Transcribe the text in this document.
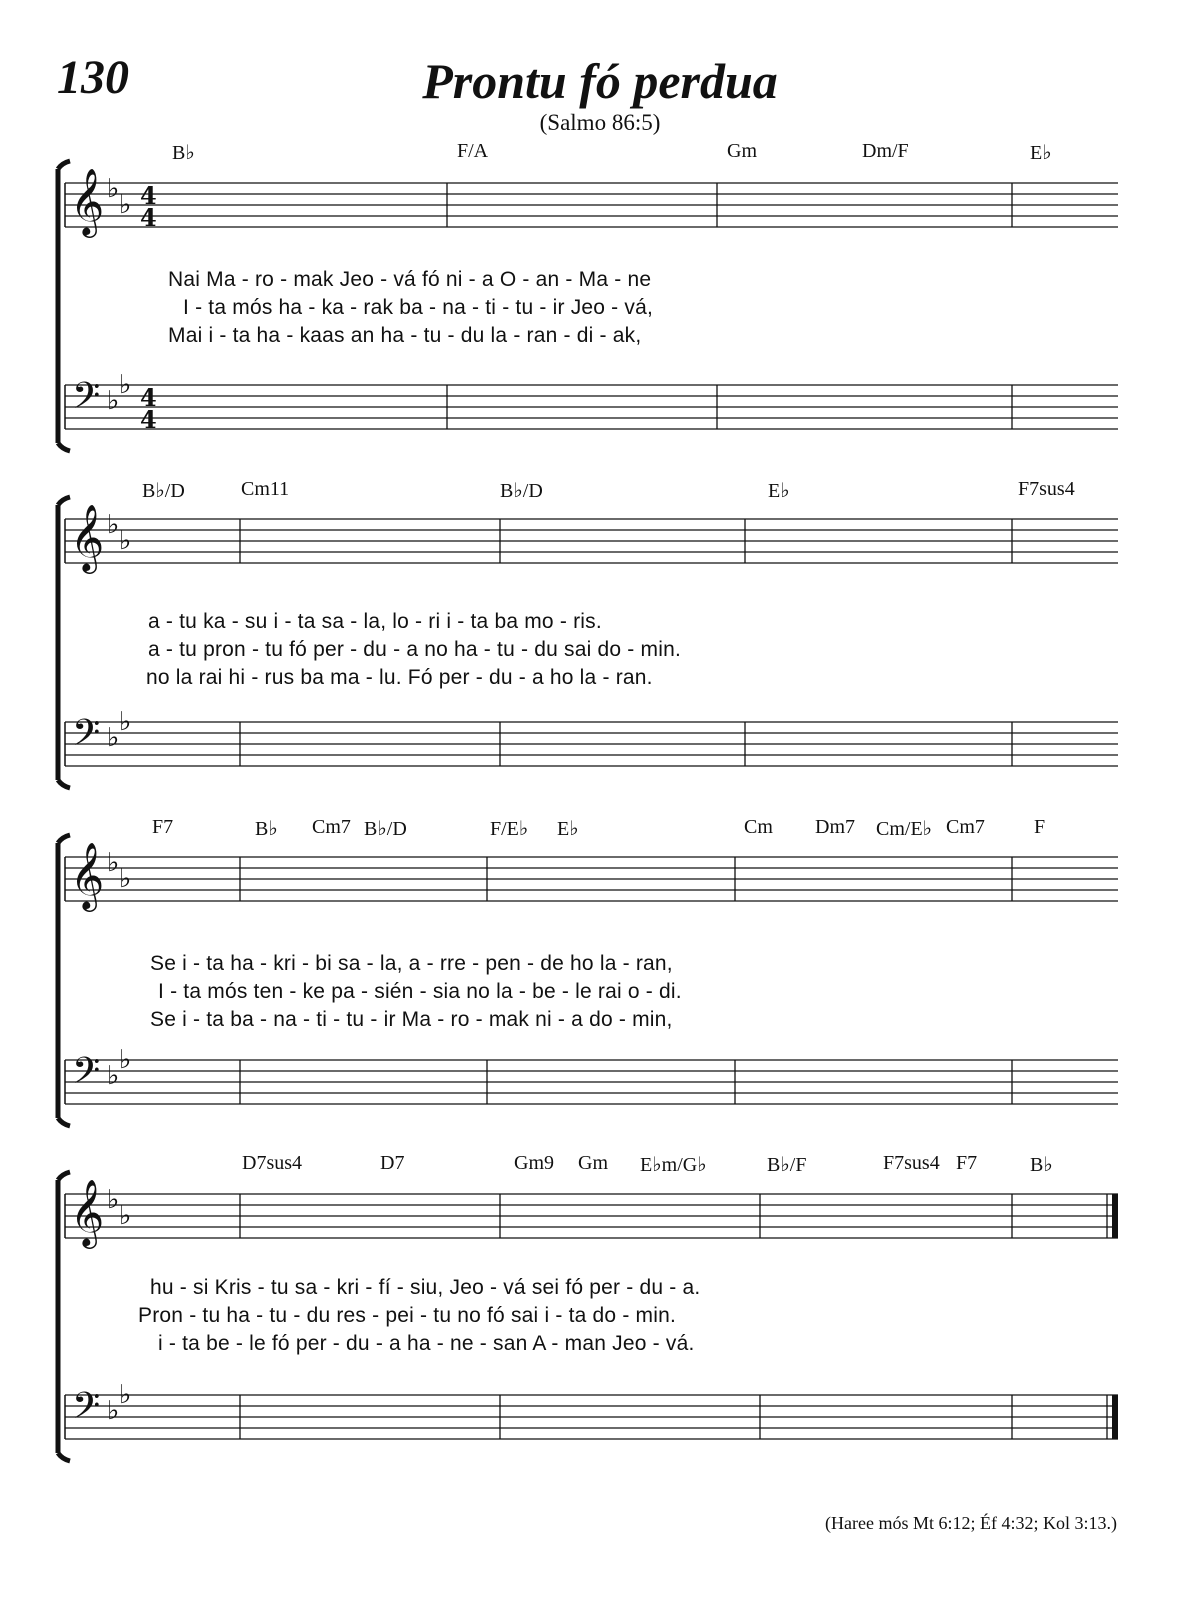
130	Prontu fó perdua
(Salmo 86:5)
B♭	F/A	Gm	Dm/F	E♭
Nai Ma - ro - mak Jeo - vá fó ni - a O - an - Ma - ne
I - ta mós ha - ka - rak ba - na - ti - tu - ir Jeo - vá,
Mai i - ta ha - kaas an ha - tu - du la - ran - di - ak,
B♭/D	Cm11	B♭/D	E♭	F7sus4
a - tu ka - su i - ta sa - la, lo - ri i - ta ba mo - ris.
a - tu pron - tu fó per - du - a no ha - tu - du sai do - min.
no la rai hi - rus ba ma - lu. Fó per - du - a ho la - ran.
F7	B♭ Cm7 B♭/D	F/E♭ E♭	Cm Dm7 Cm/E♭ Cm7 F
Se i - ta ha - kri - bi sa - la, a - rre - pen - de ho la - ran,
I - ta mós ten - ke pa - sién - sia no la - be - le rai o - di.
Se i - ta ba - na - ti - tu - ir Ma - ro - mak ni - a do - min,
D7sus4	D7	Gm9 Gm E♭m/G♭	B♭/F	F7sus4 F7	B♭
hu - si Kris - tu sa - kri - fí - siu, Jeo - vá sei fó per - du - a.
Pron - tu ha - tu - du res - pei - tu no fó sai i - ta do - min.
i - ta be - le fó per - du - a ha - ne - san A - man Jeo - vá.
𝄞 ♭
♭ 4
4
𝄢 ♭
♭ 4
4
𝄞 ♭
♭
𝄢 ♭
♭
𝄞 ♭
♭
𝄢 ♭
♭
𝄞 ♭
♭
𝄢 ♭
♭
(Haree mós Mt 6:12; Éf 4:32; Kol 3:13.)
